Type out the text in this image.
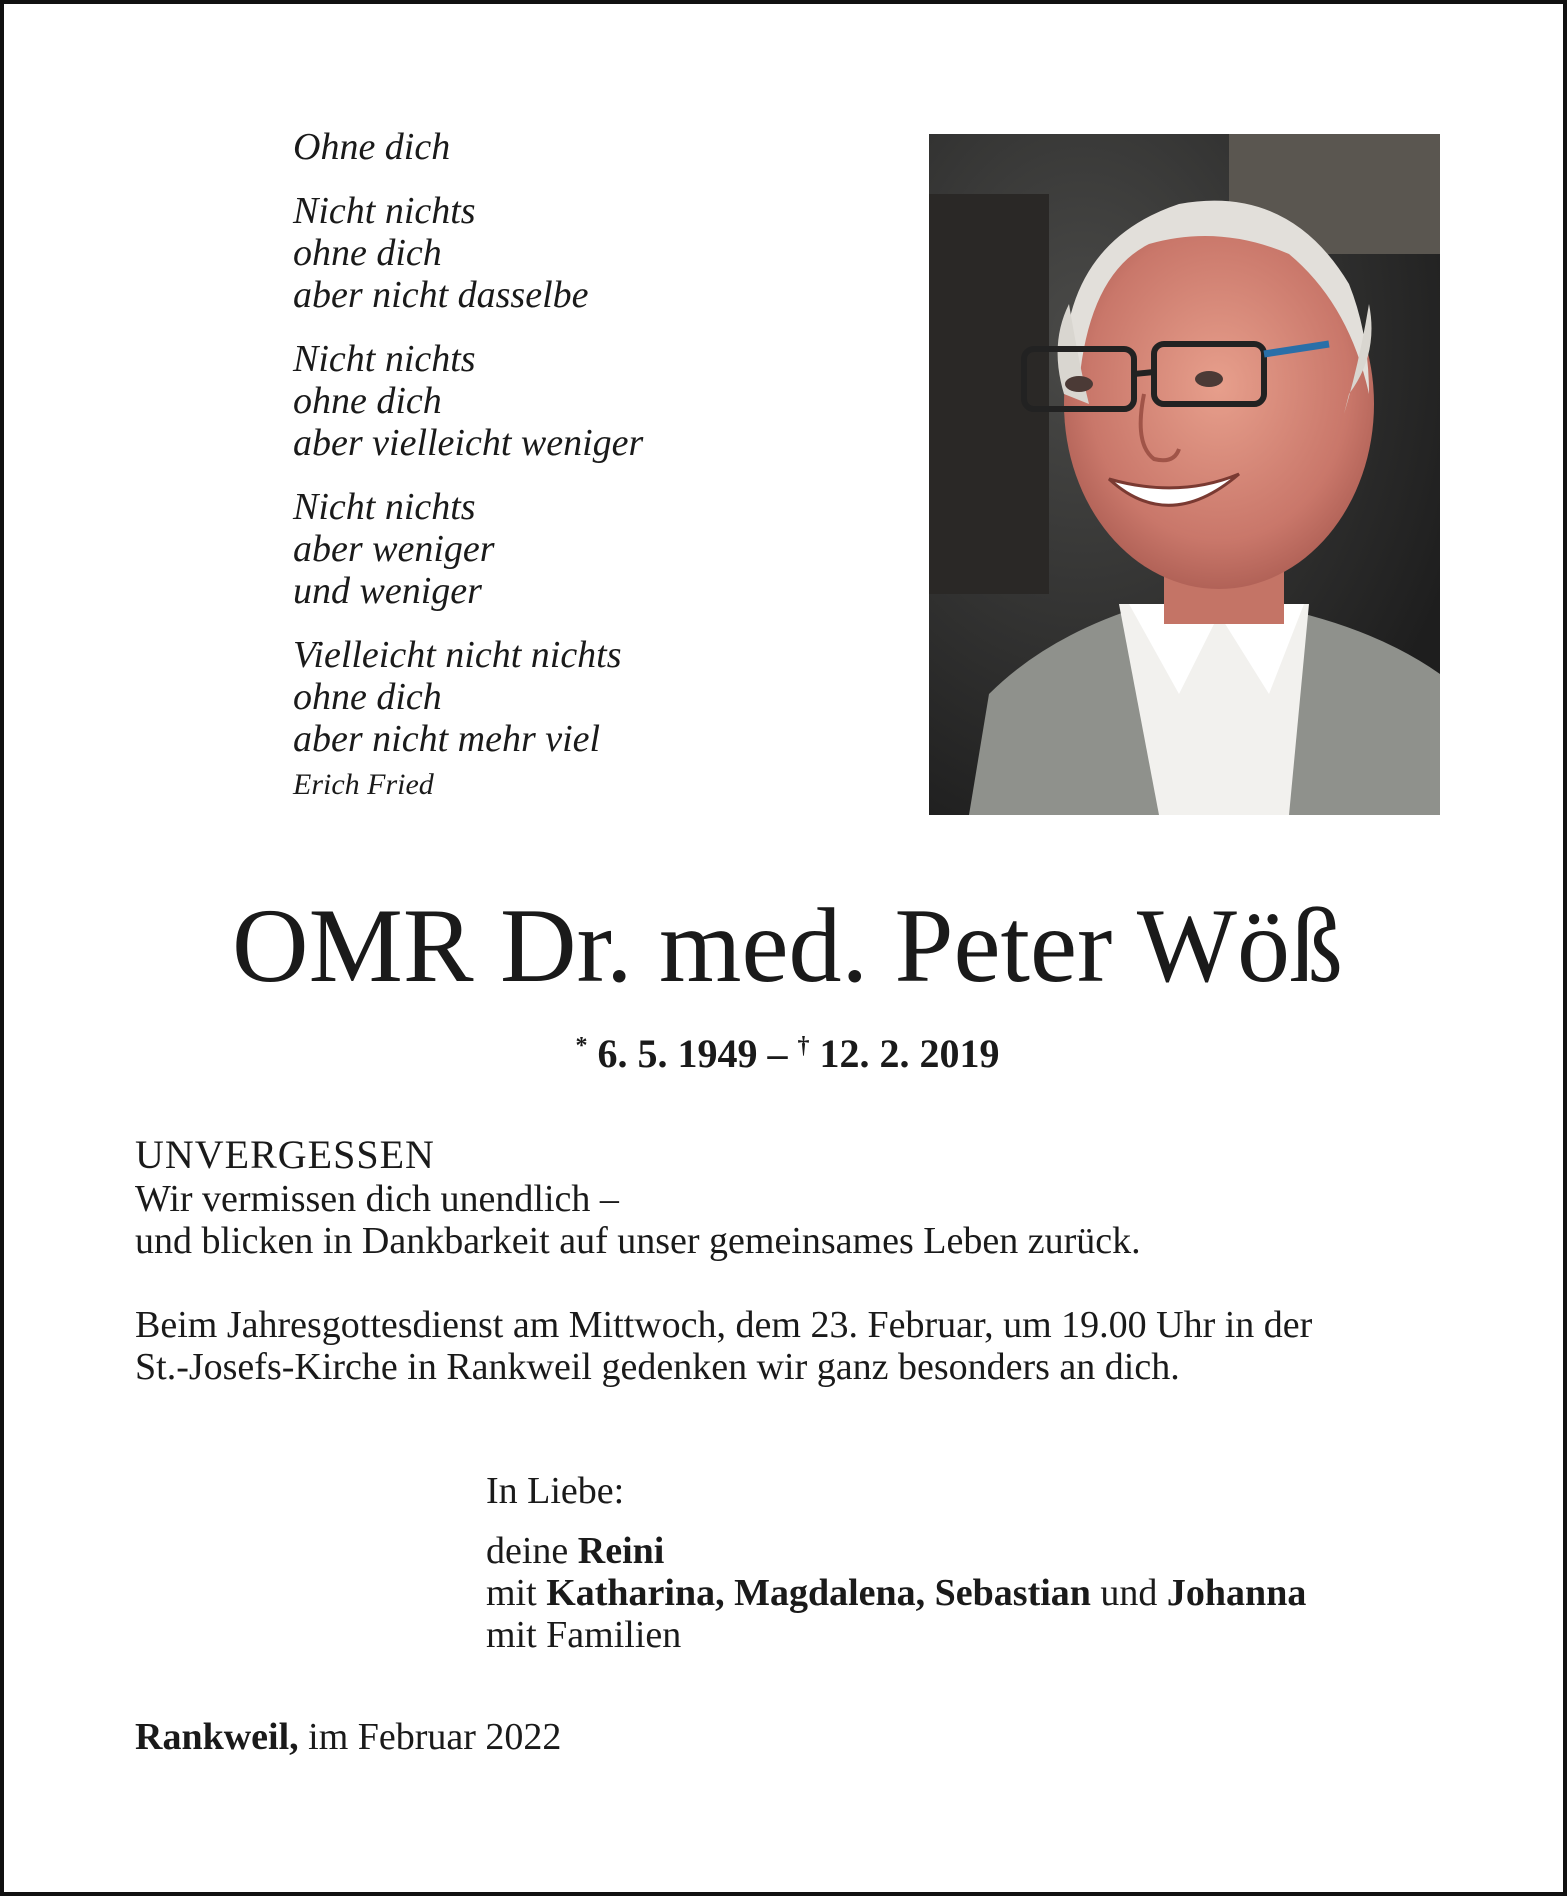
Ohne dich
Nicht nichts
ohne dich
aber nicht dasselbe
Nicht nichts
ohne dich
aber vielleicht weniger
Nicht nichts
aber weniger
und weniger
Vielleicht nicht nichts
ohne dich
aber nicht mehr viel
Erich Fried
OMR Dr. med. Peter Wöß
* 6. 5. 1949 – † 12. 2. 2019
UNVERGESSEN
Wir vermissen dich unendlich –
und blicken in Dankbarkeit auf unser gemeinsames Leben zurück.
Beim Jahresgottesdienst am Mittwoch, dem 23. Februar, um 19.00 Uhr in der
St.-Josefs-Kirche in Rankweil gedenken wir ganz besonders an dich.
In Liebe:
deine Reini
mit Katharina, Magdalena, Sebastian und Johanna
mit Familien
Rankweil, im Februar 2022
